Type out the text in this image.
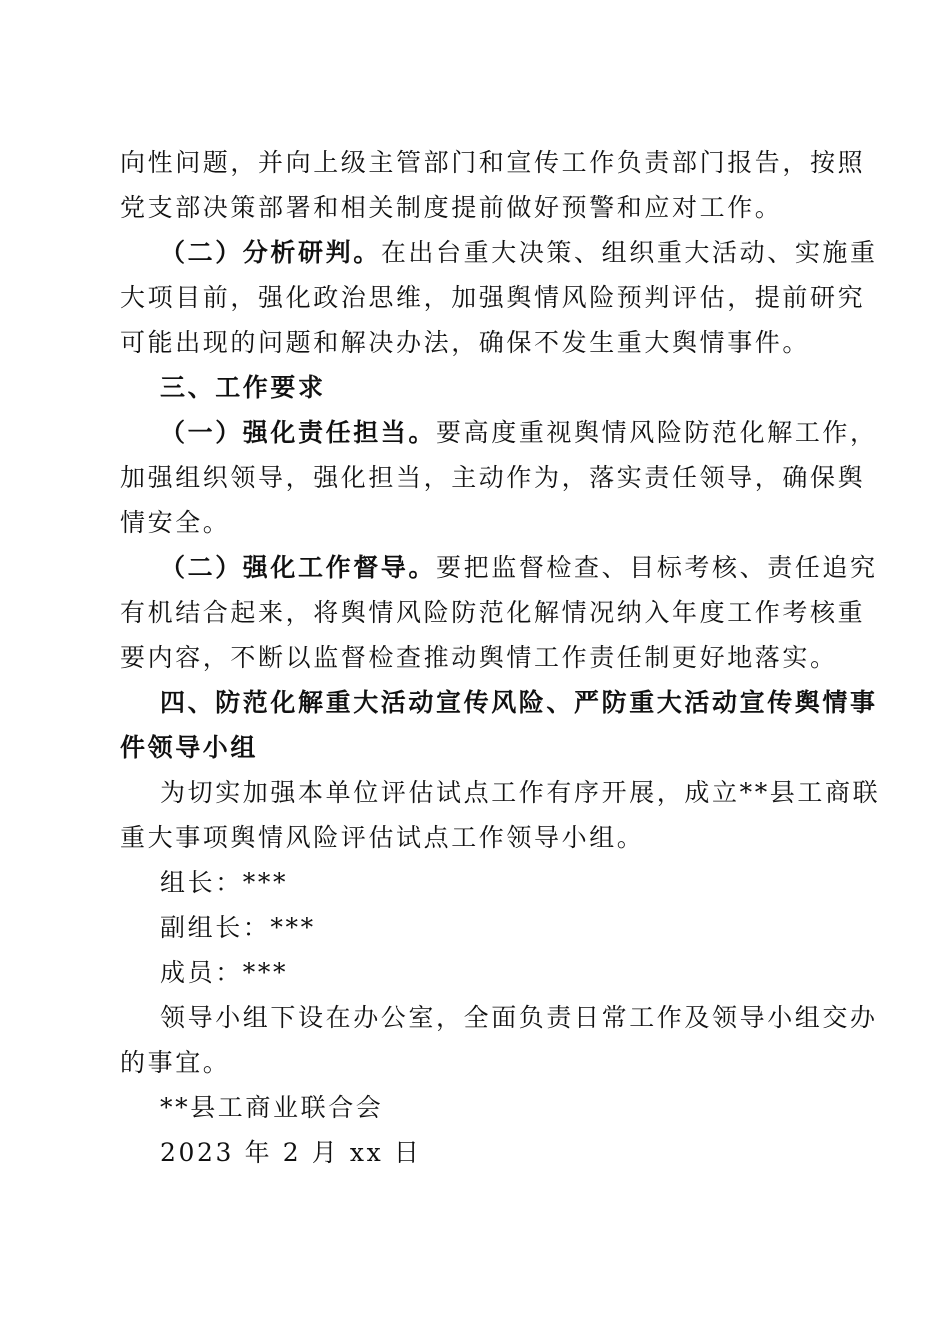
向性问题，并向上级主管部门和宣传工作负责部门报告，按照
党支部决策部署和相关制度提前做好预警和应对工作。
（二）分析研判。在出台重大决策、组织重大活动、实施重
大项目前，强化政治思维，加强舆情风险预判评估，提前研究
可能出现的问题和解决办法，确保不发生重大舆情事件。
三、工作要求
（一）强化责任担当。要高度重视舆情风险防范化解工作，
加强组织领导，强化担当，主动作为，落实责任领导，确保舆
情安全。
（二）强化工作督导。要把监督检查、目标考核、责任追究
有机结合起来，将舆情风险防范化解情况纳入年度工作考核重
要内容，不断以监督检查推动舆情工作责任制更好地落实。
四、防范化解重大活动宣传风险、严防重大活动宣传舆情事
件领导小组
为切实加强本单位评估试点工作有序开展，成立**县工商联
重大事项舆情风险评估试点工作领导小组。
组长：***
副组长：***
成员：***
领导小组下设在办公室，全面负责日常工作及领导小组交办
的事宜。
**县工商业联合会
2023 年 2 月 xx 日
